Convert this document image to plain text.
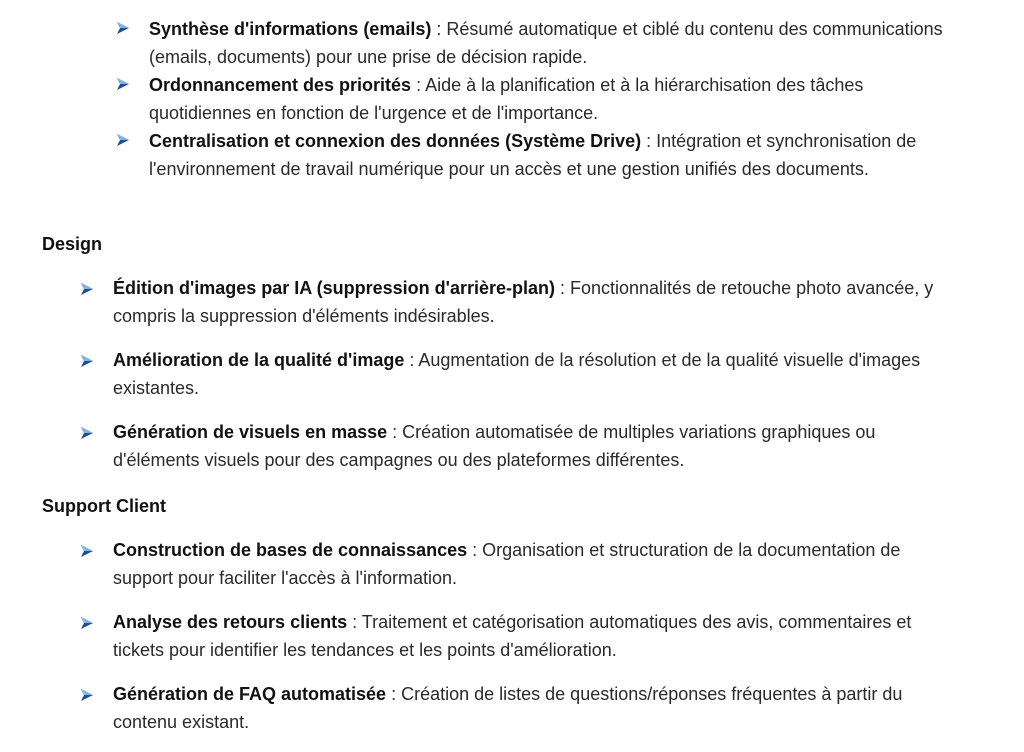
Synthèse d'informations (emails) : Résumé automatique et ciblé du contenu des communications (emails, documents) pour une prise de décision rapide.
Ordonnancement des priorités : Aide à la planification et à la hiérarchisation des tâches quotidiennes en fonction de l'urgence et de l'importance.
Centralisation et connexion des données (Système Drive) : Intégration et synchronisation de l'environnement de travail numérique pour un accès et une gestion unifiés des documents.
Design
Édition d'images par IA (suppression d'arrière-plan) : Fonctionnalités de retouche photo avancée, y compris la suppression d'éléments indésirables.
Amélioration de la qualité d'image : Augmentation de la résolution et de la qualité visuelle d'images existantes.
Génération de visuels en masse : Création automatisée de multiples variations graphiques ou d'éléments visuels pour des campagnes ou des plateformes différentes.
Support Client
Construction de bases de connaissances : Organisation et structuration de la documentation de support pour faciliter l'accès à l'information.
Analyse des retours clients : Traitement et catégorisation automatiques des avis, commentaires et tickets pour identifier les tendances et les points d'amélioration.
Génération de FAQ automatisée : Création de listes de questions/réponses fréquentes à partir du contenu existant.
